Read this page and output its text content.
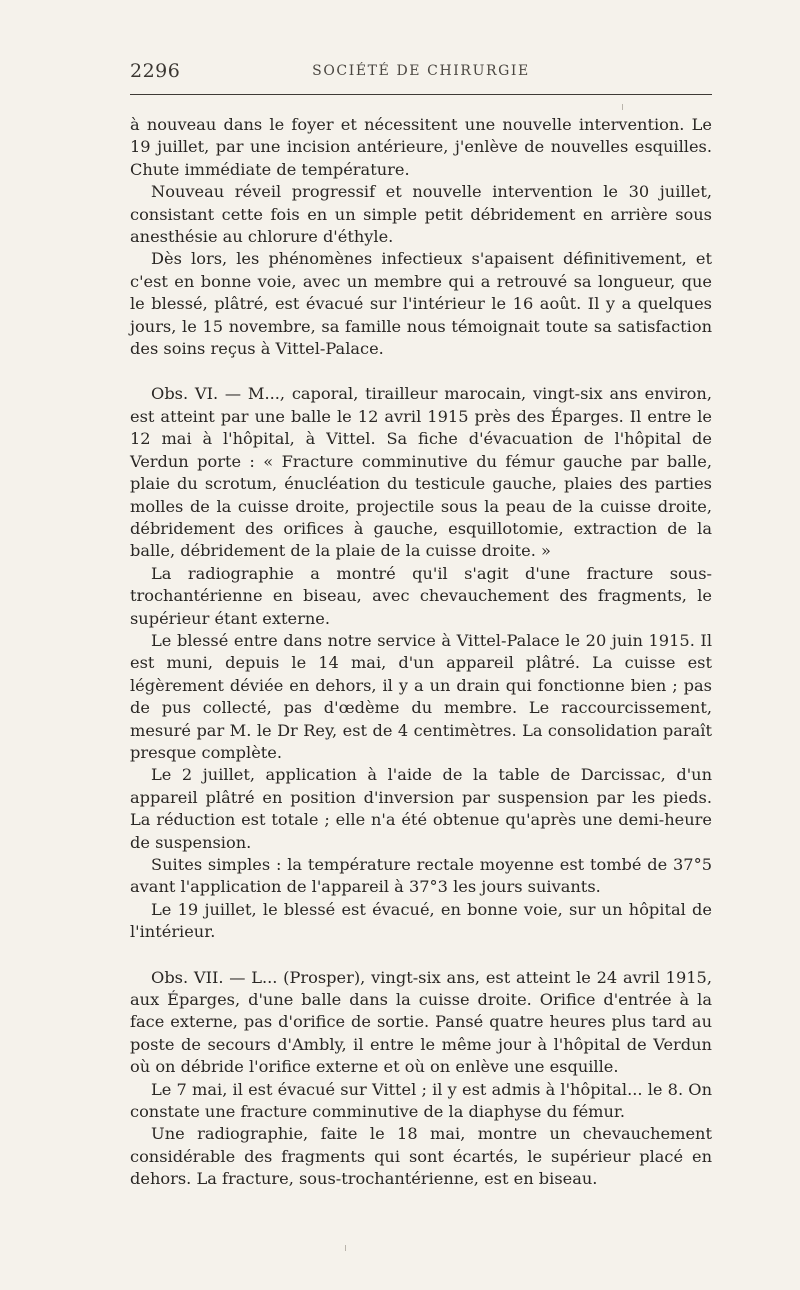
2296	SOCIÉTÉ DE CHIRURGIE

à nouveau dans le foyer et nécessitent une nouvelle intervention. Le 19 juillet, par une incision antérieure, j'enlève de nouvelles esquilles. Chute immédiate de température.

Nouveau réveil progressif et nouvelle intervention le 30 juillet, consistant cette fois en un simple petit débridement en arrière sous anesthésie au chlorure d'éthyle.

Dès lors, les phénomènes infectieux s'apaisent définitivement, et c'est en bonne voie, avec un membre qui a retrouvé sa longueur, que le blessé, plâtré, est évacué sur l'intérieur le 16 août. Il y a quelques jours, le 15 novembre, sa famille nous témoignait toute sa satisfaction des soins reçus à Vittel-Palace.

Obs. VI. — M..., caporal, tirailleur marocain, vingt-six ans environ, est atteint par une balle le 12 avril 1915 près des Éparges. Il entre le 12 mai à l'hôpital, à Vittel. Sa fiche d'évacuation de l'hôpital de Verdun porte : « Fracture comminutive du fémur gauche par balle, plaie du scrotum, énucléation du testicule gauche, plaies des parties molles de la cuisse droite, projectile sous la peau de la cuisse droite, débridement des orifices à gauche, esquillotomie, extraction de la balle, débridement de la plaie de la cuisse droite. »

La radiographie a montré qu'il s'agit d'une fracture sous-trochantérienne en biseau, avec chevauchement des fragments, le supérieur étant externe.

Le blessé entre dans notre service à Vittel-Palace le 20 juin 1915. Il est muni, depuis le 14 mai, d'un appareil plâtré. La cuisse est légèrement déviée en dehors, il y a un drain qui fonctionne bien ; pas de pus collecté, pas d'œdème du membre. Le raccourcissement, mesuré par M. le Dr Rey, est de 4 centimètres. La consolidation paraît presque complète.

Le 2 juillet, application à l'aide de la table de Darcissac, d'un appareil plâtré en position d'inversion par suspension par les pieds. La réduction est totale ; elle n'a été obtenue qu'après une demi-heure de suspension.

Suites simples : la température rectale moyenne est tombé de 37°5 avant l'application de l'appareil à 37°3 les jours suivants.

Le 19 juillet, le blessé est évacué, en bonne voie, sur un hôpital de l'intérieur.

Obs. VII. — L... (Prosper), vingt-six ans, est atteint le 24 avril 1915, aux Éparges, d'une balle dans la cuisse droite. Orifice d'entrée à la face externe, pas d'orifice de sortie. Pansé quatre heures plus tard au poste de secours d'Ambly, il entre le même jour à l'hôpital de Verdun où on débride l'orifice externe et où on enlève une esquille.

Le 7 mai, il est évacué sur Vittel ; il y est admis à l'hôpital... le 8. On constate une fracture comminutive de la diaphyse du fémur.

Une radiographie, faite le 18 mai, montre un chevauchement considérable des fragments qui sont écartés, le supérieur placé en dehors. La fracture, sous-trochantérienne, est en biseau.
